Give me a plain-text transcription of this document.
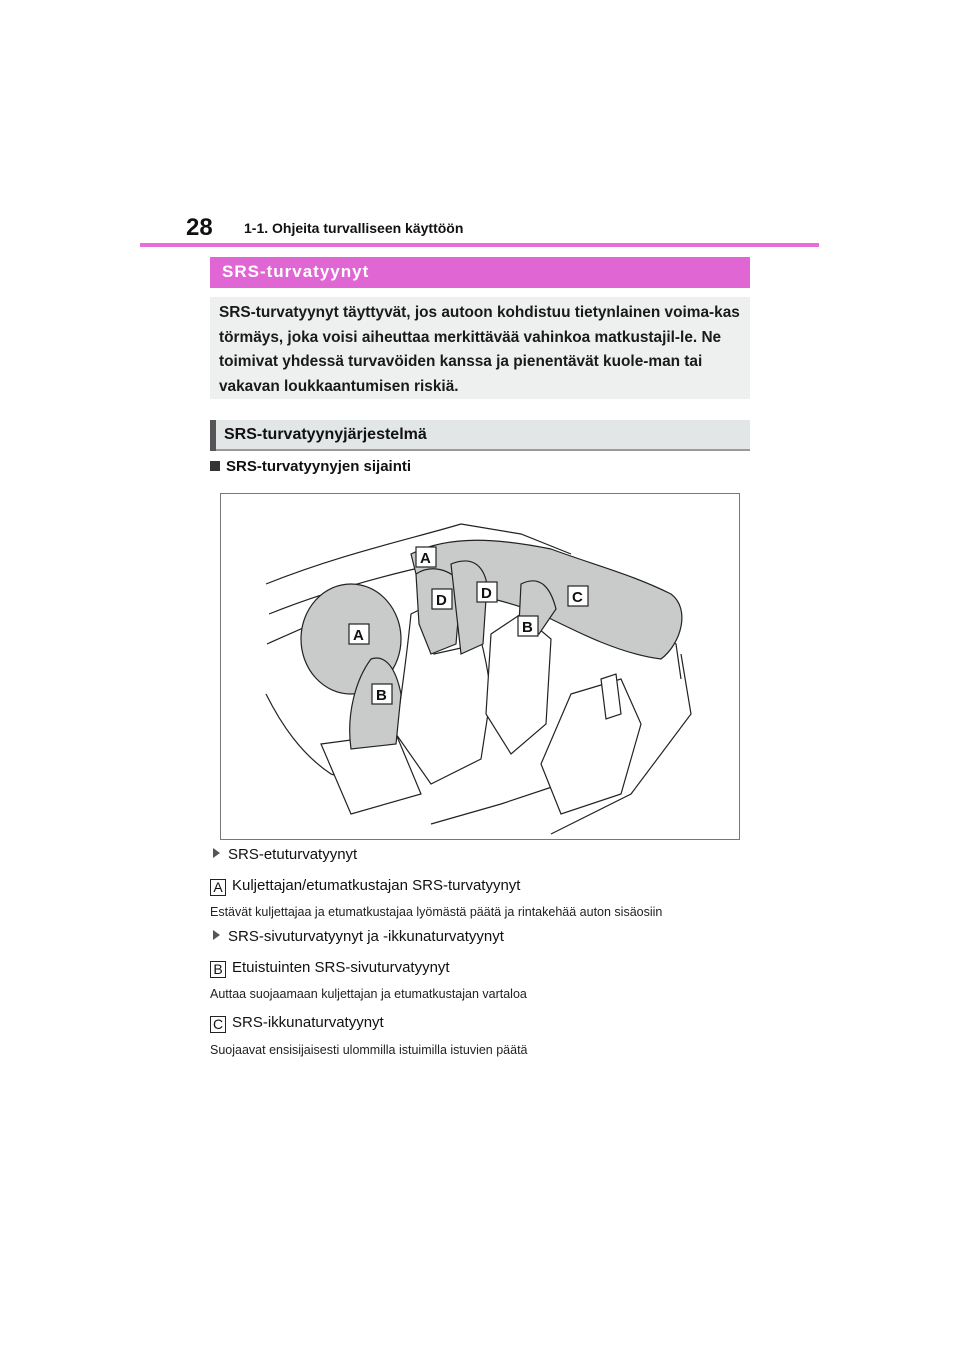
28 1-1. Ohjeita turvalliseen käyttöön
SRS-turvatyynyt

SRS-turvatyynyt täyttyvät, jos autoon kohdistuu tietynlainen voima-kas törmäys, joka voisi aiheuttaa merkittävää vahinkoa matkustajil-le. Ne toimivat yhdessä turvavöiden kanssa ja pienentävät kuole-man tai vakavan loukkaantumisen riskiä.

SRS-turvatyynyjärjestelmä
SRS-turvatyynyjen sijainti
A
D D	C
B
A
B
SRS-etuturvatyynyt
A Kuljettajan/etumatkustajan SRS-turvatyynyt
Estävät kuljettajaa ja etumatkustajaa lyömästä päätä ja rintakehää auton sisäosiin
SRS-sivuturvatyynyt ja -ikkunaturvatyynyt
B Etuistuinten SRS-sivuturvatyynyt
Auttaa suojaamaan kuljettajan ja etumatkustajan vartaloa
C SRS-ikkunaturvatyynyt
Suojaavat ensisijaisesti ulommilla istuimilla istuvien päätä
